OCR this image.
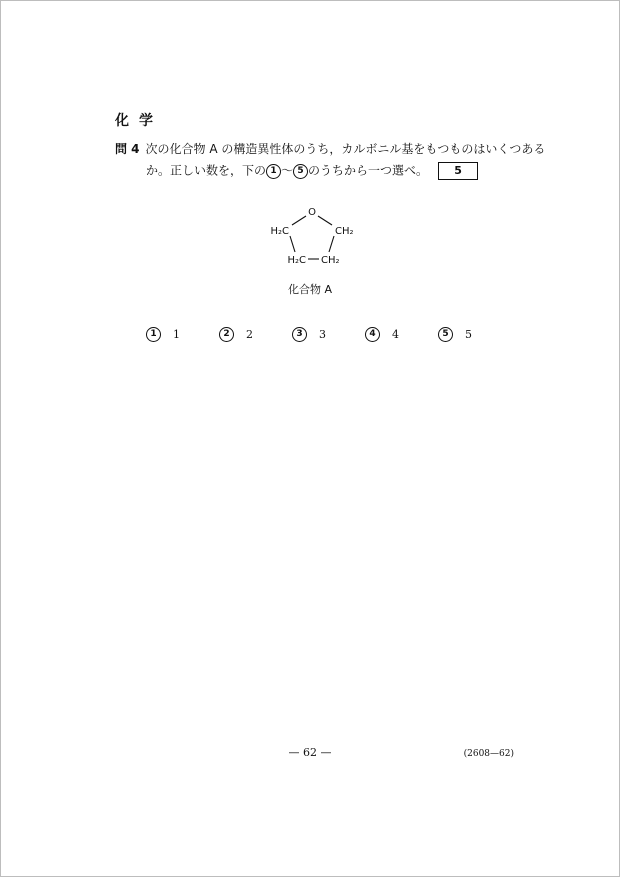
化学
問 4 次の化合物 A の構造異性体のうち，カルボニル基をもつものはいくつある
か。正しい数を，下の 1 ～ 5 のうちから一つ選べ。 5
O
H₂C	CH₂
H₂C CH₂
化合物 A
1 1	2 2	3 3	4 4	5 5
— 62 —	(2608—62)
